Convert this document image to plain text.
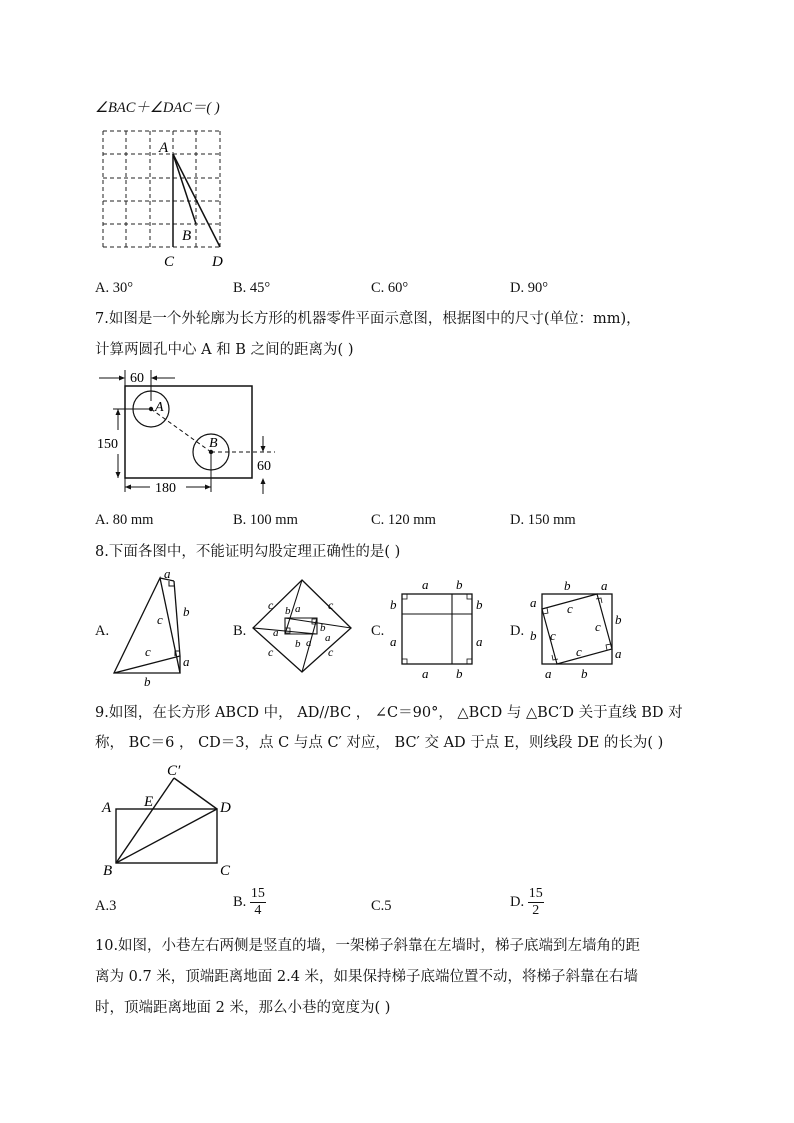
∠BAC＋∠DAC＝( )
A
B
C	D
A. 30°	B. 45°	C. 60°	D. 90°
7.如图是一个外轮廓为长方形的机器零件平面示意图，根据图中的尺寸(单位：mm)，
计算两圆孔中心 A 和 B 之间的距离为( )
60
150
180
60
A
B
A. 80 mm	B. 100 mm	C. 120 mm	D. 150 mm
8.下面各图中，不能证明勾股定理正确性的是( )
A.
a
b
c
c
a
b
B.
c	c
c	c
b a
a
b
b
a a	C.
a b
b	b
a	a
a b
D.
a
b
b a
b
a
a b
c
c
c
c
9.如图，在长方形 ABCD 中， AD//BC ， ∠C＝90°， △BCD 与 △BC′D 关于直线 BD 对
称， BC＝6 ， CD＝3，点 C 与点 C′ 对应， BC′ 交 AD 于点 E，则线段 DE 的长为( )
C′
A E	D
B	C
A.3	B. $\frac{15}{4}$	C.5	D. $\frac{15}{2}$
10.如图，小巷左右两侧是竖直的墙，一架梯子斜靠在左墙时，梯子底端到左墙角的距
离为 0.7 米，顶端距离地面 2.4 米，如果保持梯子底端位置不动，将梯子斜靠在右墙
时，顶端距离地面 2 米，那么小巷的宽度为( )
